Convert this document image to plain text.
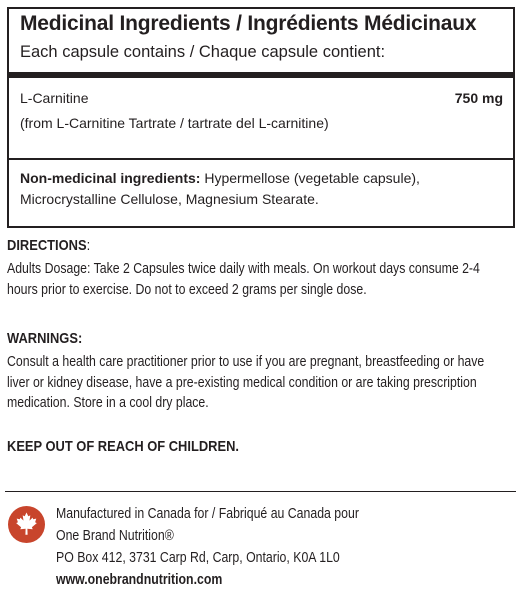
Medicinal Ingredients / Ingrédients Médicinaux
Each capsule contains / Chaque capsule contient:
L-Carnitine	750 mg
(from L-Carnitine Tartrate / tartrate del L-carnitine)
Non-medicinal ingredients: Hypermellose (vegetable capsule), Microcrystalline Cellulose, Magnesium Stearate.
DIRECTIONS:
Adults Dosage: Take 2 Capsules twice daily with meals. On workout days consume 2-4 hours prior to exercise. Do not to exceed 2 grams per single dose.
WARNINGS:
Consult a health care practitioner prior to use if you are pregnant, breastfeeding or have liver or kidney disease, have a pre-existing medical condition or are taking prescription medication. Store in a cool dry place.
KEEP OUT OF REACH OF CHILDREN.
Manufactured in Canada for / Fabriqué au Canada pour
One Brand Nutrition®
PO Box 412, 3731 Carp Rd, Carp, Ontario, K0A 1L0
www.onebrandnutrition.com
